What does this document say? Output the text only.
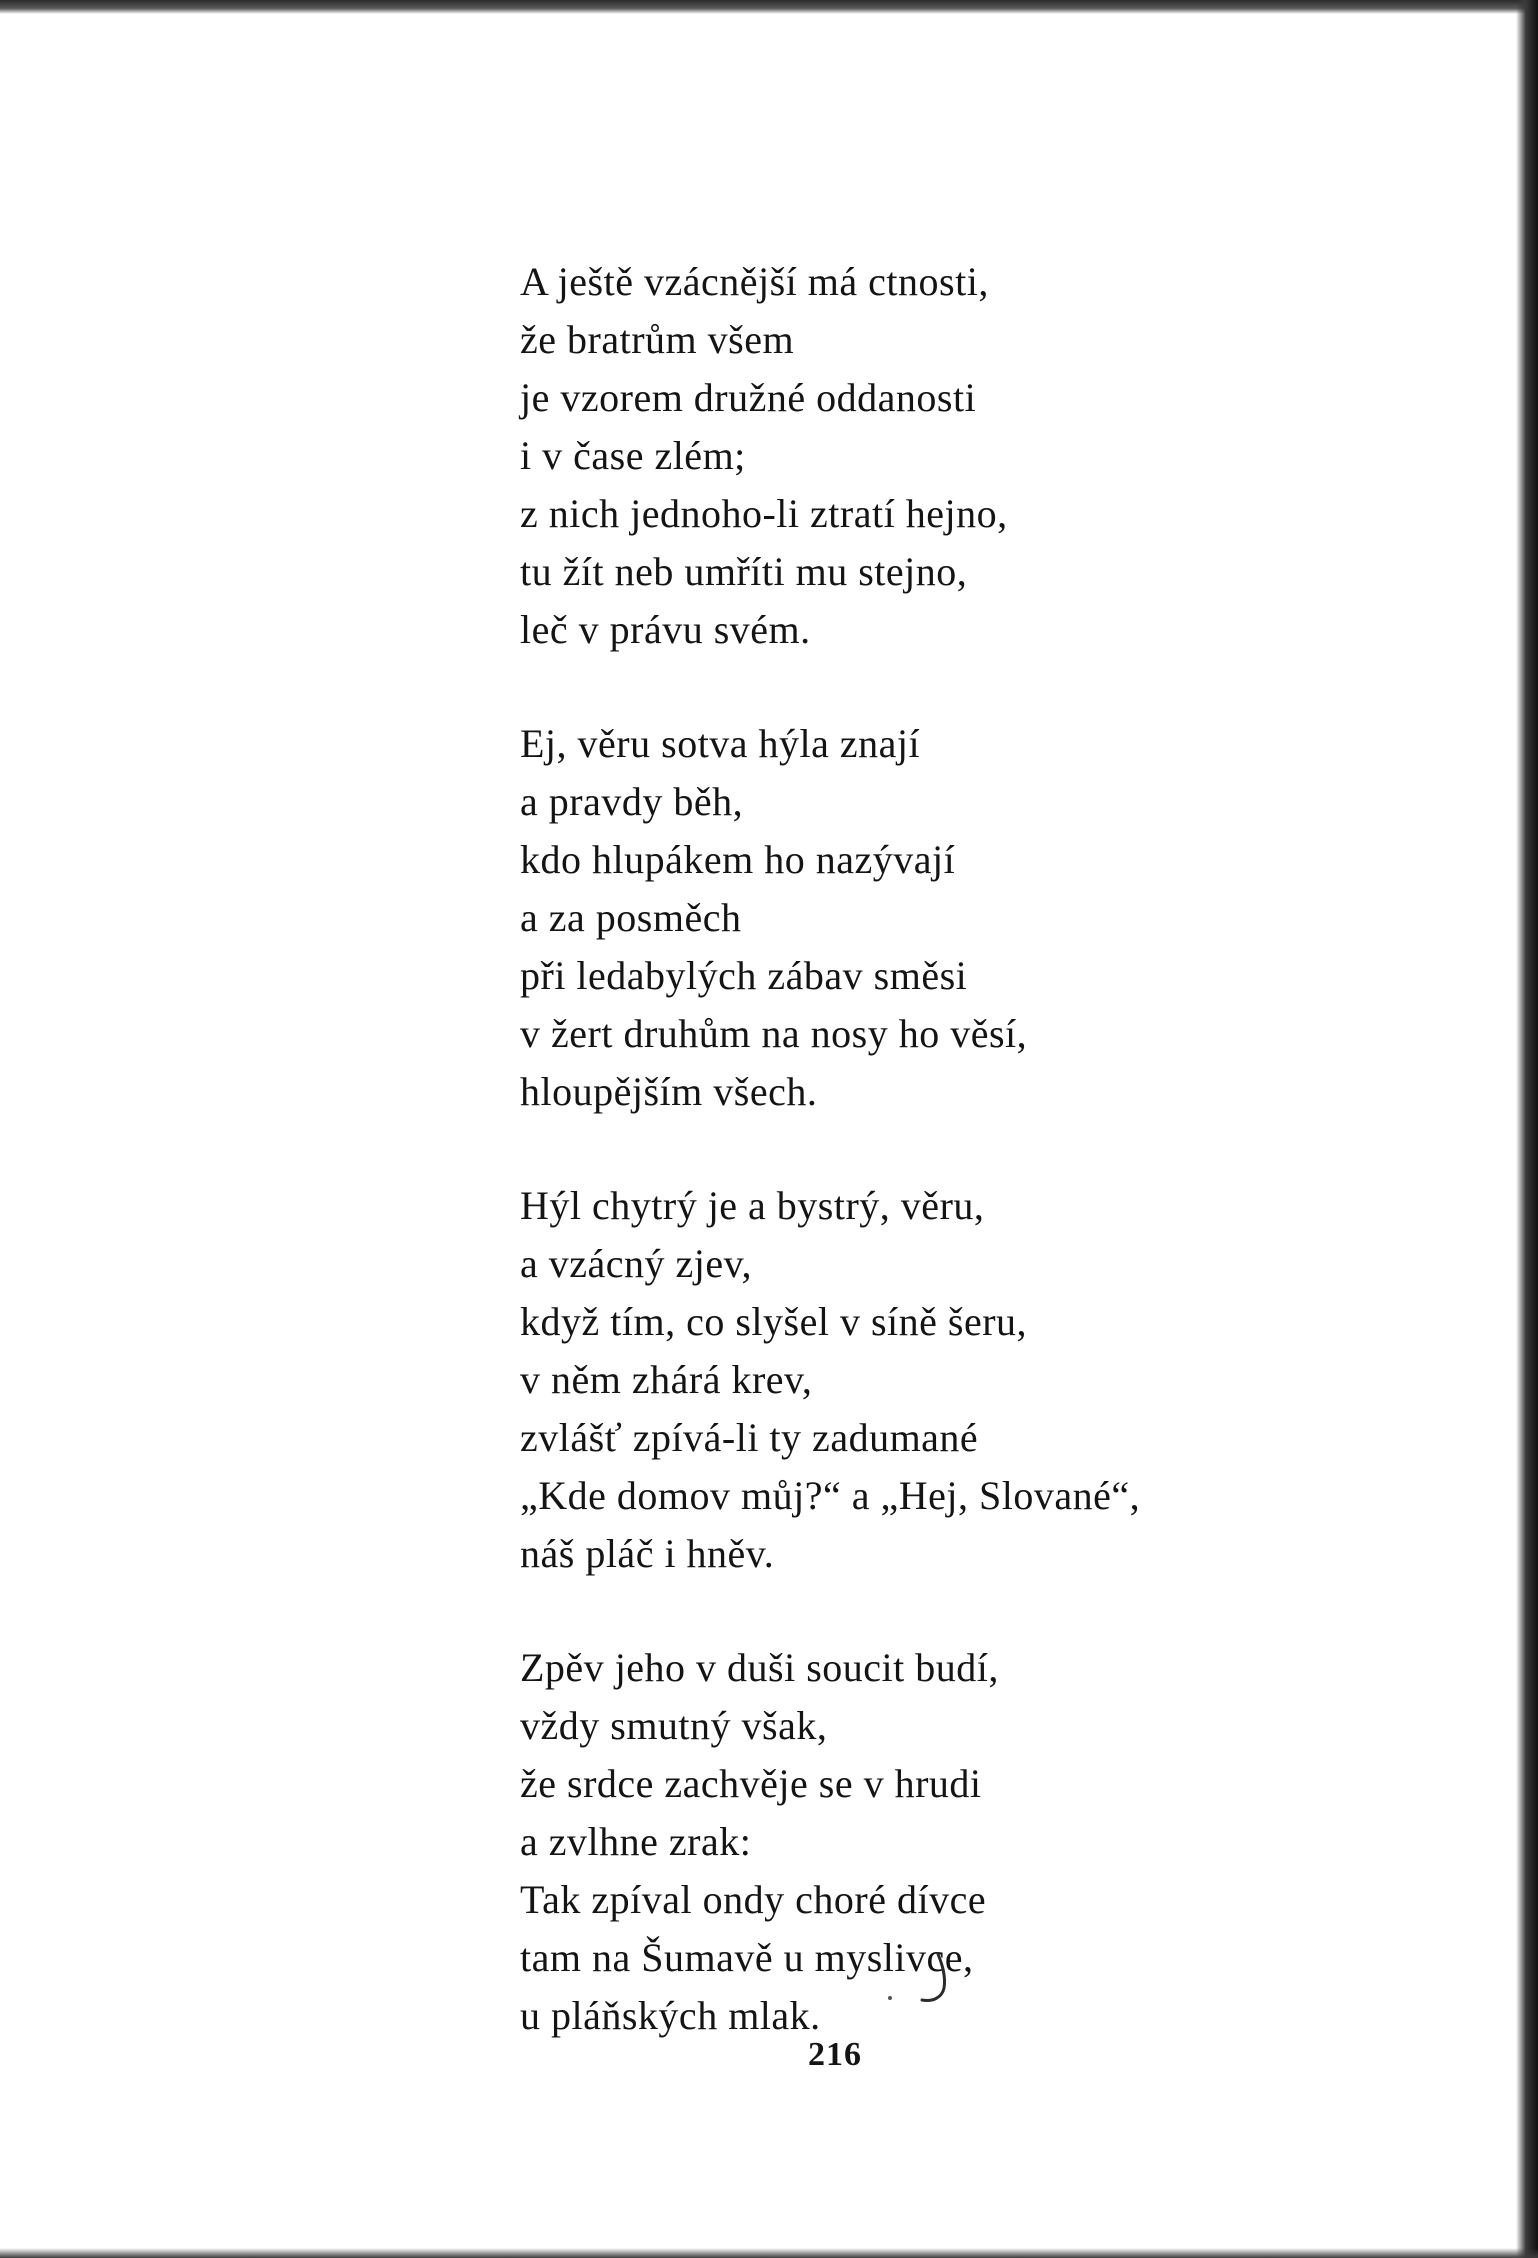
A ještě vzácnější má ctnosti,
že bratrům všem
je vzorem družné oddanosti
i v čase zlém;
z nich jednoho-li ztratí hejno,
tu žít neb umříti mu stejno,
leč v právu svém.
Ej, věru sotva hýla znají
a pravdy běh,
kdo hlupákem ho nazývají
a za posměch
při ledabylých zábav směsi
v žert druhům na nosy ho věsí,
hloupějším všech.
Hýl chytrý je a bystrý, věru,
a vzácný zjev,
když tím, co slyšel v síně šeru,
v něm zhárá krev,
zvlášť zpívá-li ty zadumané
„Kde domov můj?“ a „Hej, Slované“,
náš pláč i hněv.
Zpěv jeho v duši soucit budí,
vždy smutný však,
že srdce zachvěje se v hrudi
a zvlhne zrak:
Tak zpíval ondy choré dívce
tam na Šumavě u myslivce,
u pláňských mlak.
216
